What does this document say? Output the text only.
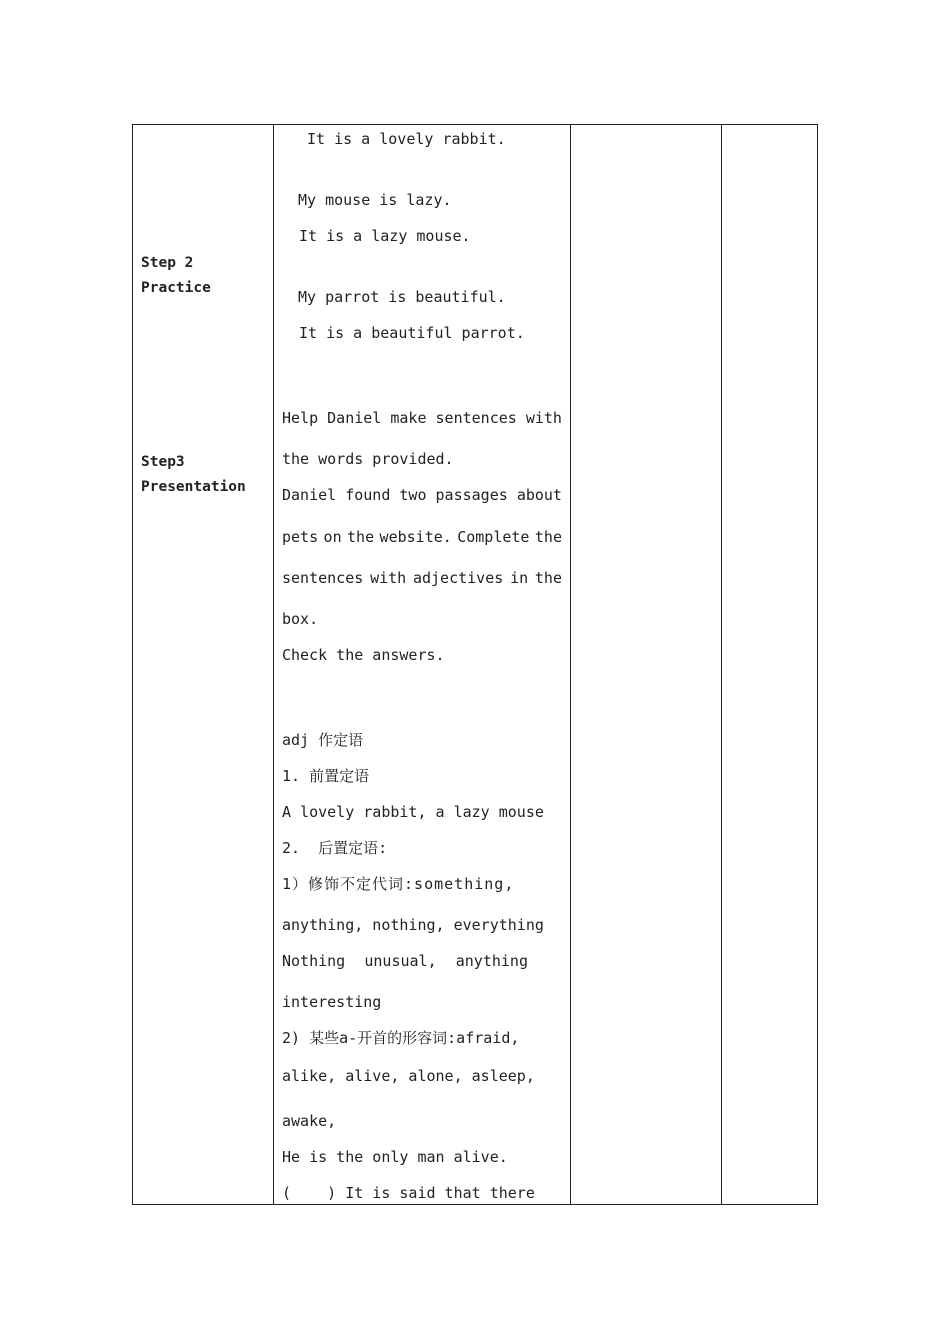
Step 2
Practice
Step3
Presentation
It is a lovely rabbit.
My mouse is lazy.
It is a lazy mouse.
My parrot is beautiful.
It is a beautiful parrot.
Help Daniel make sentences with
the words provided.
Daniel found two passages about
pets on the website. Complete the
sentences with adjectives in the
box.
Check the answers.
adj 作定语
1. 前置定语
A lovely rabbit, a lazy mouse
2.  后置定语:
1）修饰不定代词:something,
anything, nothing, everything
Nothing unusual, anything
interesting
2) 某些a-开首的形容词:afraid,
alike, alive, alone, asleep,
awake,
He is the only man alive.
(    ) It is said that there
